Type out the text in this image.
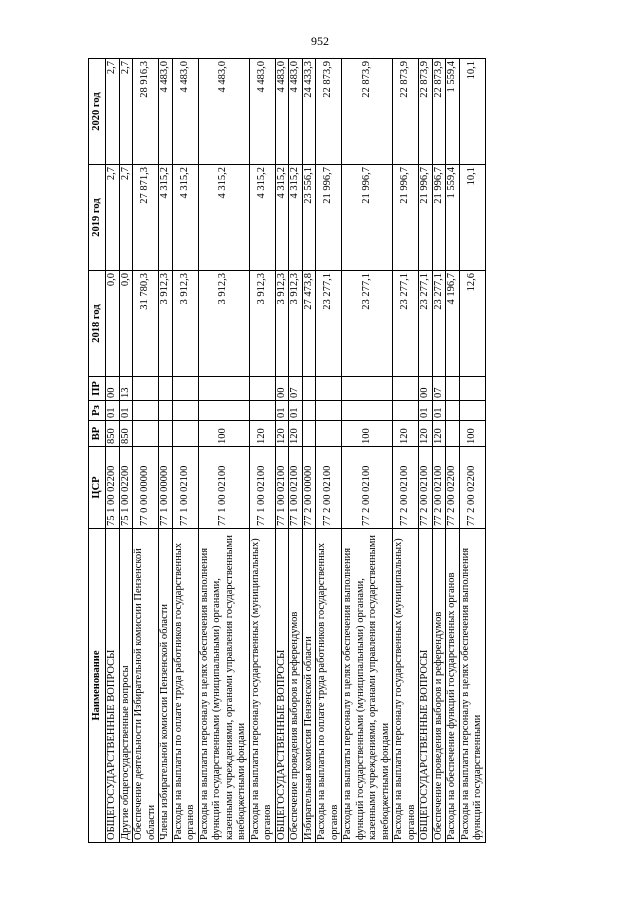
952
Наименование	ЦСР	ВР	Рз	ПР	2018 год	2019 год	2020 год
ОБЩЕГОСУДАРСТВЕННЫЕ ВОПРОСЫ	75 1 00 02200	850	01	00	0,0	2,7	2,7
Другие общегосударственные вопросы	75 1 00 02200	850	01	13	0,0	2,7	2,7
Обеспечение деятельности Избирательной комиссии Пензенской области	77 0 00 00000				31 780,3	27 871,3	28 916,3
Члены избирательной комиссии Пензенской области	77 1 00 00000				3 912,3	4 315,2	4 483,0
Расходы на выплаты по оплате труда работников государственных органов	77 1 00 02100				3 912,3	4 315,2	4 483,0
Расходы на выплаты персоналу в целях обеспечения выполнения функций государственными (муниципальными) органами, казенными учреждениями, органами управления государственными внебюджетными фондами	77 1 00 02100	100			3 912,3	4 315,2	4 483,0
Расходы на выплаты персоналу государственных (муниципальных) органов	77 1 00 02100	120			3 912,3	4 315,2	4 483,0
ОБЩЕГОСУДАРСТВЕННЫЕ ВОПРОСЫ	77 1 00 02100	120	01	00	3 912,3	4 315,2	4 483,0
Обеспечение проведения выборов и референдумов	77 1 00 02100	120	01	07	3 912,3	4 315,2	4 483,0
Избирательная комиссия Пензенской области	77 2 00 00000				27 473,8	23 556,1	24 433,3
Расходы на выплаты по оплате труда работников государственных органов	77 2 00 02100				23 277,1	21 996,7	22 873,9
Расходы на выплаты персоналу в целях обеспечения выполнения функций государственными (муниципальными) органами, казенными учреждениями, органами управления государственными внебюджетными фондами	77 2 00 02100	100			23 277,1	21 996,7	22 873,9
Расходы на выплаты персоналу государственных (муниципальных) органов	77 2 00 02100	120			23 277,1	21 996,7	22 873,9
ОБЩЕГОСУДАРСТВЕННЫЕ ВОПРОСЫ	77 2 00 02100	120	01	00	23 277,1	21 996,7	22 873,9
Обеспечение проведения выборов и референдумов	77 2 00 02100	120	01	07	23 277,1	21 996,7	22 873,9
Расходы на обеспечение функций государственных органов	77 2 00 02200				4 196,7	1 559,4	1 559,4
Расходы на выплаты персоналу в целях обеспечения выполнения функций государственными	77 2 00 02200	100			12,6	10,1	10,1
